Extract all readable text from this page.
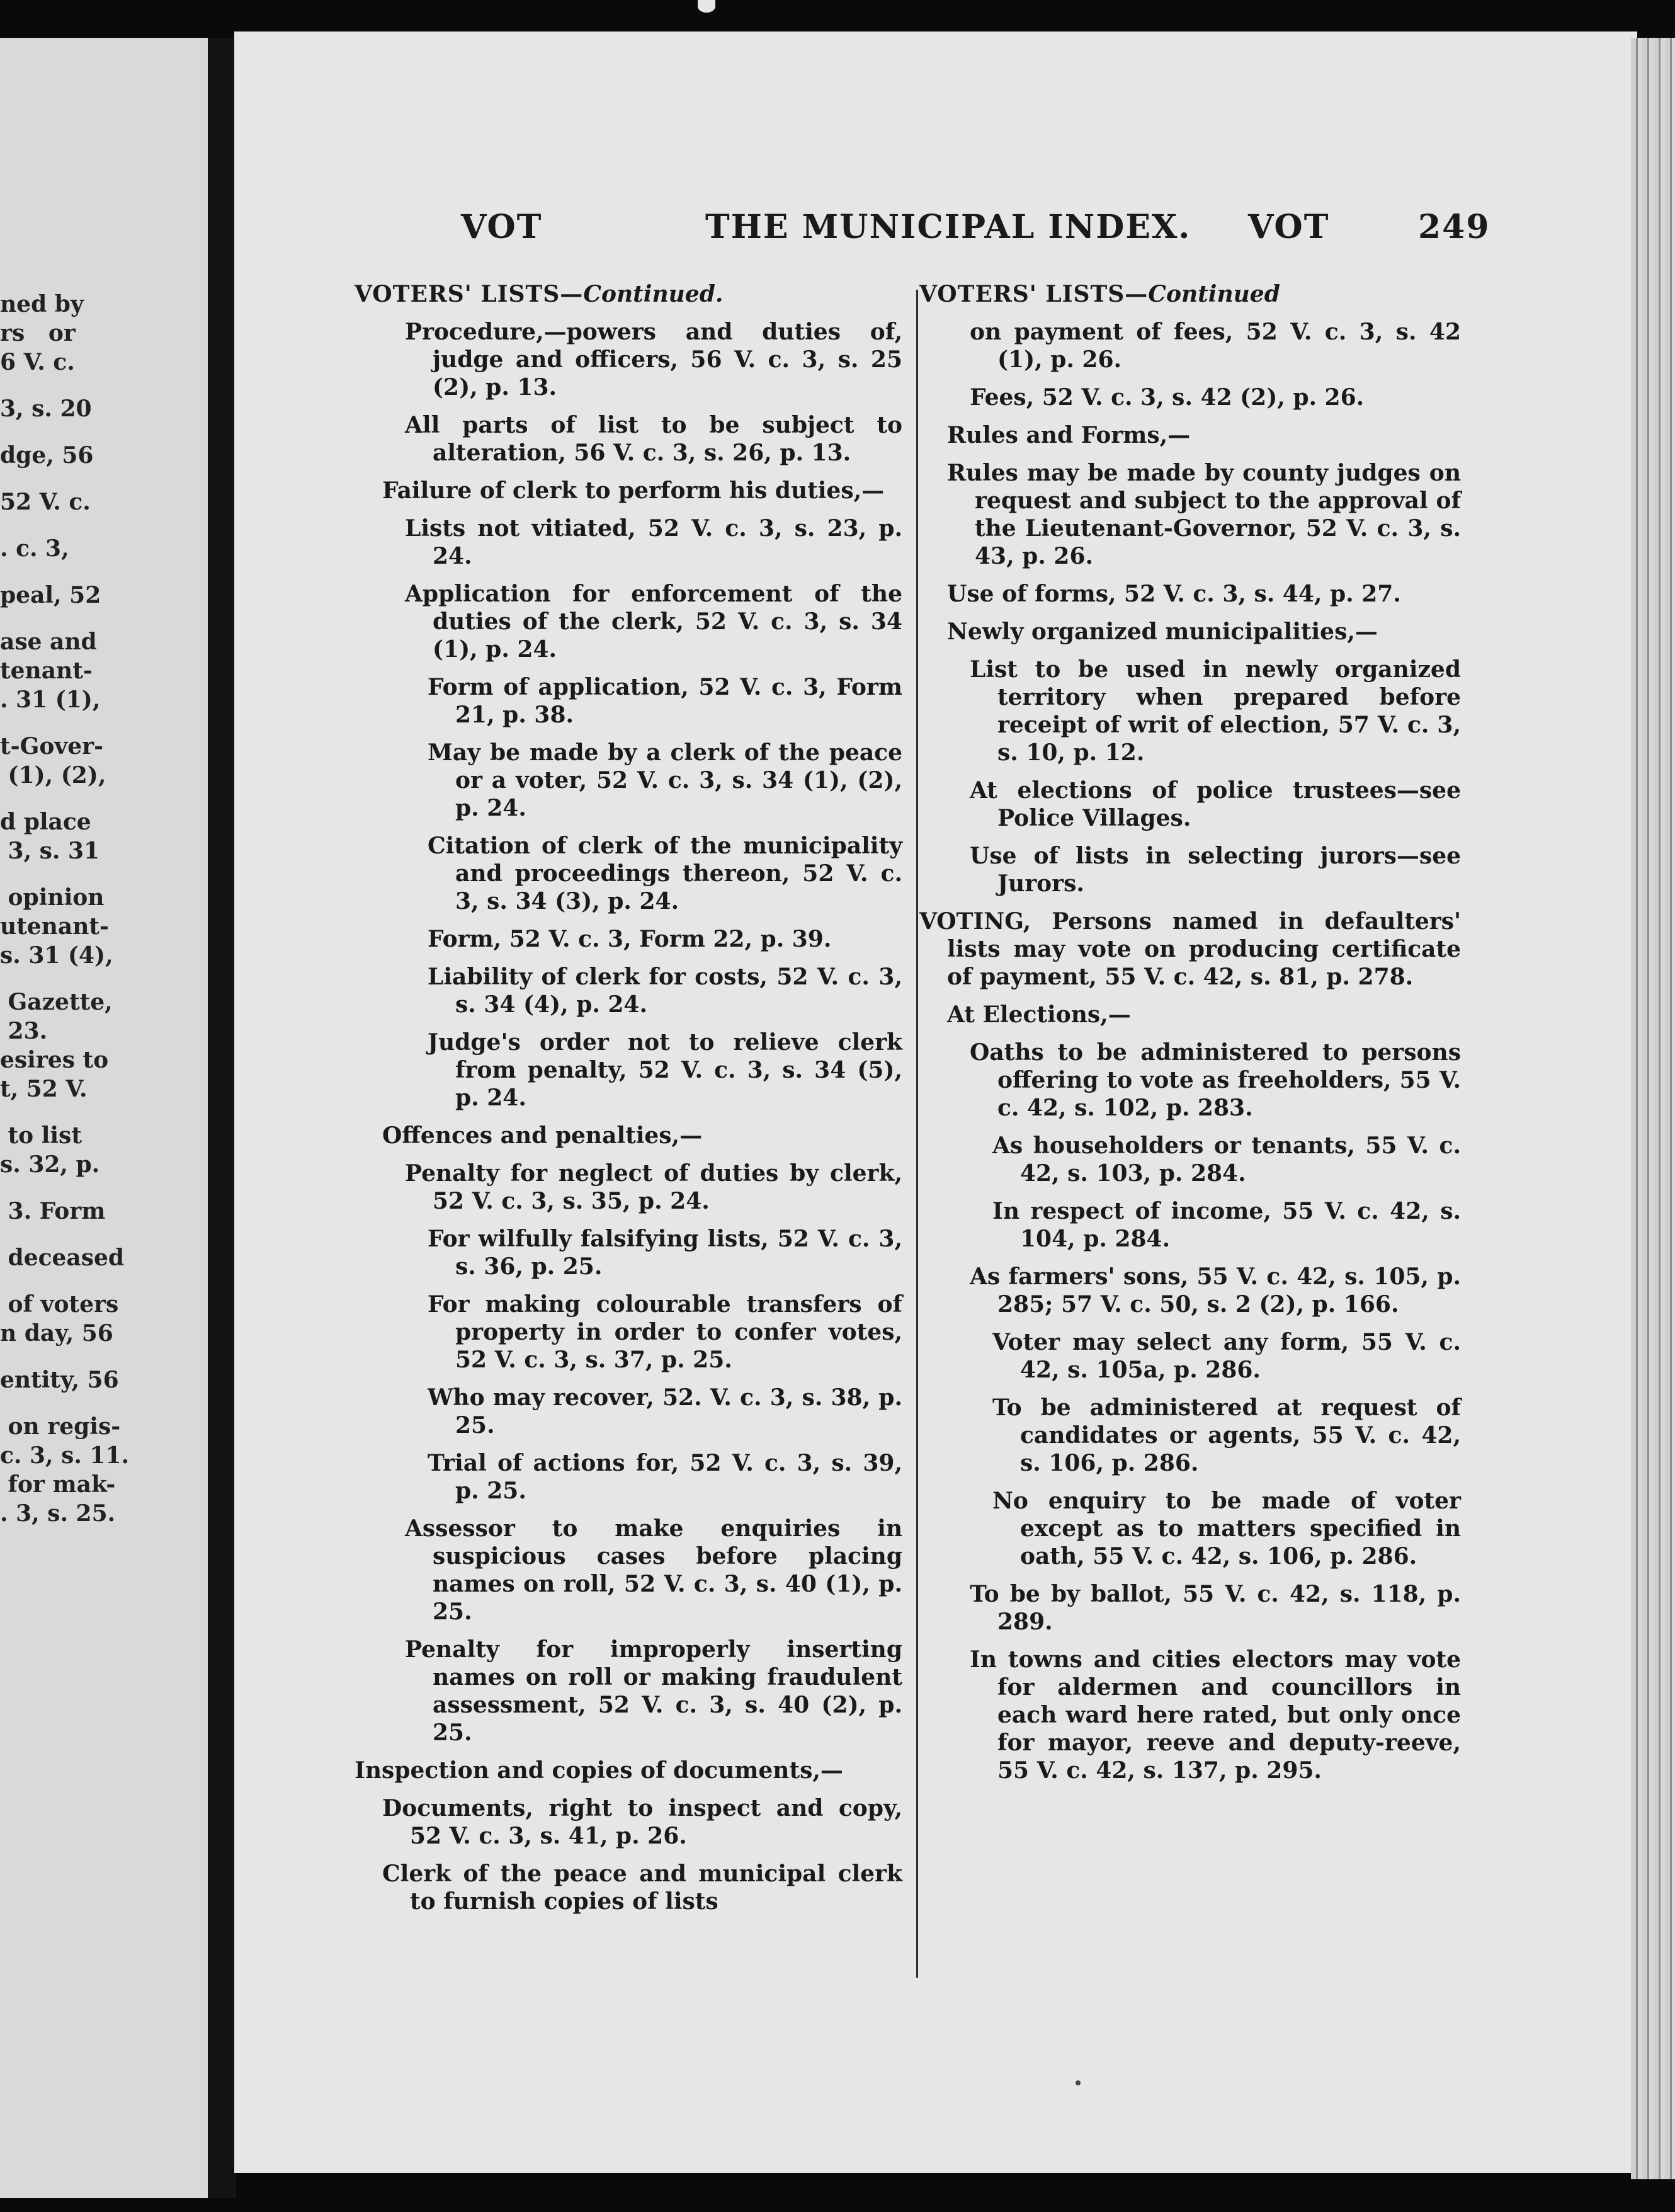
ned by
rs   or
6 V. c.
3, s. 20
dge, 56
52 V. c.
. c. 3,
peal, 52
ase and
tenant-
. 31 (1),
t-Gover-
(1), (2),
d place
3, s. 31
opinion
utenant-
s. 31 (4),
Gazette,
23.
esires to
t, 52 V.
to list
s. 32, p.
3. Form
deceased
of voters
n day, 56
entity, 56
on regis-
c. 3, s. 11.
for mak-
. 3, s. 25.
VOT	THE MUNICIPAL INDEX. VOT	249
VOTERS' LISTS—Continued.
Procedure,—powers and duties of, judge and officers, 56 V. c. 3, s. 25 (2), p. 13.
All parts of list to be subject to alteration, 56 V. c. 3, s. 26, p. 13.
Failure of clerk to perform his duties,—
Lists not vitiated, 52 V. c. 3, s. 23, p. 24.
Application for enforcement of the duties of the clerk, 52 V. c. 3, s. 34 (1), p. 24.
Form of application, 52 V. c. 3, Form 21, p. 38.
May be made by a clerk of the peace or a voter, 52 V. c. 3, s. 34 (1), (2), p. 24.
Citation of clerk of the municipality and proceedings thereon, 52 V. c. 3, s. 34 (3), p. 24.
Form, 52 V. c. 3, Form 22, p. 39.
Liability of clerk for costs, 52 V. c. 3, s. 34 (4), p. 24.
Judge's order not to relieve clerk from penalty, 52 V. c. 3, s. 34 (5), p. 24.
Offences and penalties,—
Penalty for neglect of duties by clerk, 52 V. c. 3, s. 35, p. 24.
For wilfully falsifying lists, 52 V. c. 3, s. 36, p. 25.
For making colourable transfers of property in order to confer votes, 52 V. c. 3, s. 37, p. 25.
Who may recover, 52. V. c. 3, s. 38, p. 25.
Trial of actions for, 52 V. c. 3, s. 39, p. 25.
Assessor to make enquiries in suspicious cases before placing names on roll, 52 V. c. 3, s. 40 (1), p. 25.
Penalty for improperly inserting names on roll or making fraudulent assessment, 52 V. c. 3, s. 40 (2), p. 25.
Inspection and copies of documents,—
Documents, right to inspect and copy, 52 V. c. 3, s. 41, p. 26.
Clerk of the peace and municipal clerk to furnish copies of lists
VOTERS' LISTS—Continued
on payment of fees, 52 V. c. 3, s. 42 (1), p. 26.
Fees, 52 V. c. 3, s. 42 (2), p. 26.
Rules and Forms,—
Rules may be made by county judges on request and subject to the approval of the Lieutenant-Governor, 52 V. c. 3, s. 43, p. 26.
Use of forms, 52 V. c. 3, s. 44, p. 27.
Newly organized municipalities,—
List to be used in newly organized territory when prepared before receipt of writ of election, 57 V. c. 3, s. 10, p. 12.
At elections of police trustees—see Police Villages.
Use of lists in selecting jurors—see Jurors.
VOTING, Persons named in defaulters' lists may vote on producing certificate of payment, 55 V. c. 42, s. 81, p. 278.
At Elections,—
Oaths to be administered to persons offering to vote as freeholders, 55 V. c. 42, s. 102, p. 283.
As householders or tenants, 55 V. c. 42, s. 103, p. 284.
In respect of income, 55 V. c. 42, s. 104, p. 284.
As farmers' sons, 55 V. c. 42, s. 105, p. 285; 57 V. c. 50, s. 2 (2), p. 166.
Voter may select any form, 55 V. c. 42, s. 105a, p. 286.
To be administered at request of candidates or agents, 55 V. c. 42, s. 106, p. 286.
No enquiry to be made of voter except as to matters specified in oath, 55 V. c. 42, s. 106, p. 286.
To be by ballot, 55 V. c. 42, s. 118, p. 289.
In towns and cities electors may vote for aldermen and councillors in each ward here rated, but only once for mayor, reeve and deputy-reeve, 55 V. c. 42, s. 137, p. 295.
